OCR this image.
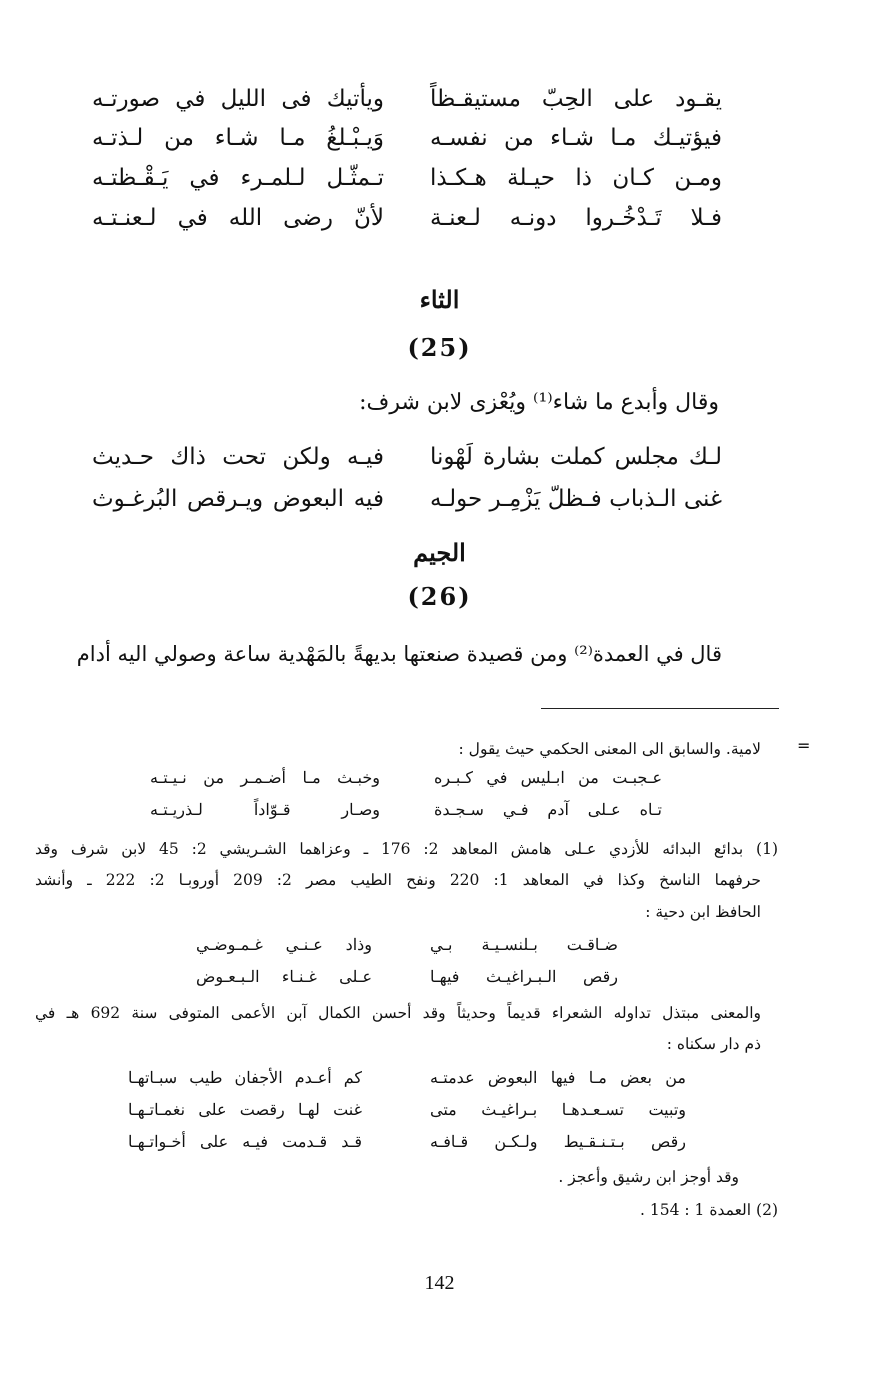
يقـود على الحِبّ مستيقـظاً
ويأتيك فى الليل في صورتـه
فيؤتيـك مـا شـاء من نفسـه
وَيـبْـلغُ مـا شـاء من لـذتـه
ومـن كـان ذا حيـلة هـكـذا
تـمثّـل لـلمـرء في يَـقْـظتـه
فـلا تَـدْخُـروا دونـه لـعنـة
لأنّ رضى الله في لـعنـتـه
الثاء
(25)
وقال وأبدع ما شاء⁽¹⁾ ويُعْزى لابن شرف:
لـك مجلس كملت بشارة لَهْونا
فيـه ولكن تحت ذاك حـديث
غنى الـذباب فـظلّ يَزْمِـر حولـه
فيه البعوض ويـرقص البُرغـوث
الجيم
(26)
قال في العمدة⁽²⁾ ومن قصيدة صنعتها بديهةً بالمَهْدية ساعة وصولي اليه أدام
=
لامية. والسابق الى المعنى الحكمي حيث يقول :
عـجبـت من ابـليس في كـبـره
وخبـث مـا أضـمـر من نـيـتـه
تـاه عـلى آدم فـي سـجـدة
وصـار قـوّاداً لـذريـتـه
(1) بدائع البدائه للأزدي عـلى هامش المعاهد 2: 176 ـ وعزاهما الشـريشي 2: 45 لابن شرف وقد
حرفهما الناسخ وكذا في المعاهد 1: 220 ونفح الطيب مصر 2: 209 أوروبـا 2: 222 ـ وأنشد
الحافظ ابن دحية :
ضـاقـت بـلنسـيـة بـي
وذاد عـنـي غـمـوضـي
رقص الـبـراغيـث فيهـا
عـلى غـنـاء الـبـعـوض
والمعنى مبتذل تداوله الشعراء قديماً وحديثاً وقد أحسن الكمال آبن الأعمى المتوفى سنة 692 هـ في
ذم دار سكناه :
من بعض مـا فيها البعوض عدمتـه
كم أعـدم الأجفان طيب سبـاتهـا
وتبيت تسـعـدهـا بـراغيـث متى
غنت لهـا رقصت على نغمـاتـهـا
رقص بـتـنـقـيط ولـكـن قـافـه
قـد قـدمت فيـه على أخـواتـهـا
وقد أوجز ابن رشيق وأعجز .
(2) العمدة 1 : 154 .
142
